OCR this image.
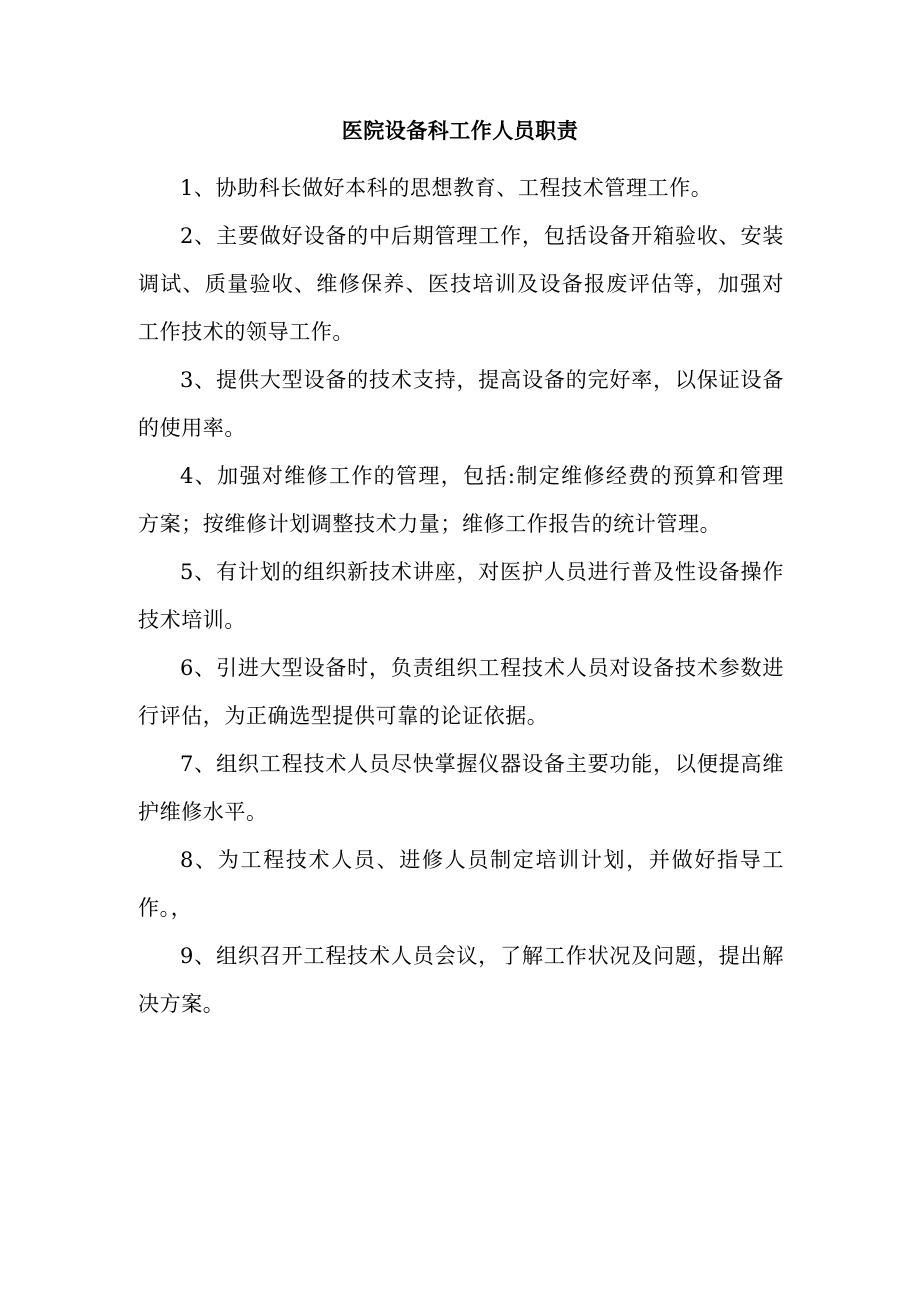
医院设备科工作人员职责

1、协助科长做好本科的思想教育、工程技术管理工作。

2、主要做好设备的中后期管理工作，包括设备开箱验收、安装调试、质量验收、维修保养、医技培训及设备报废评估等，加强对工作技术的领导工作。

3、提供大型设备的技术支持，提高设备的完好率，以保证设备的使用率。

4、加强对维修工作的管理，包括:制定维修经费的预算和管理方案；按维修计划调整技术力量；维修工作报告的统计管理。

5、有计划的组织新技术讲座，对医护人员进行普及性设备操作技术培训。

6、引进大型设备时，负责组织工程技术人员对设备技术参数进行评估，为正确选型提供可靠的论证依据。

7、组织工程技术人员尽快掌握仪器设备主要功能，以便提高维护维修水平。

8、为工程技术人员、进修人员制定培训计划，并做好指导工作。，

9、组织召开工程技术人员会议，了解工作状况及问题，提出解决方案。
